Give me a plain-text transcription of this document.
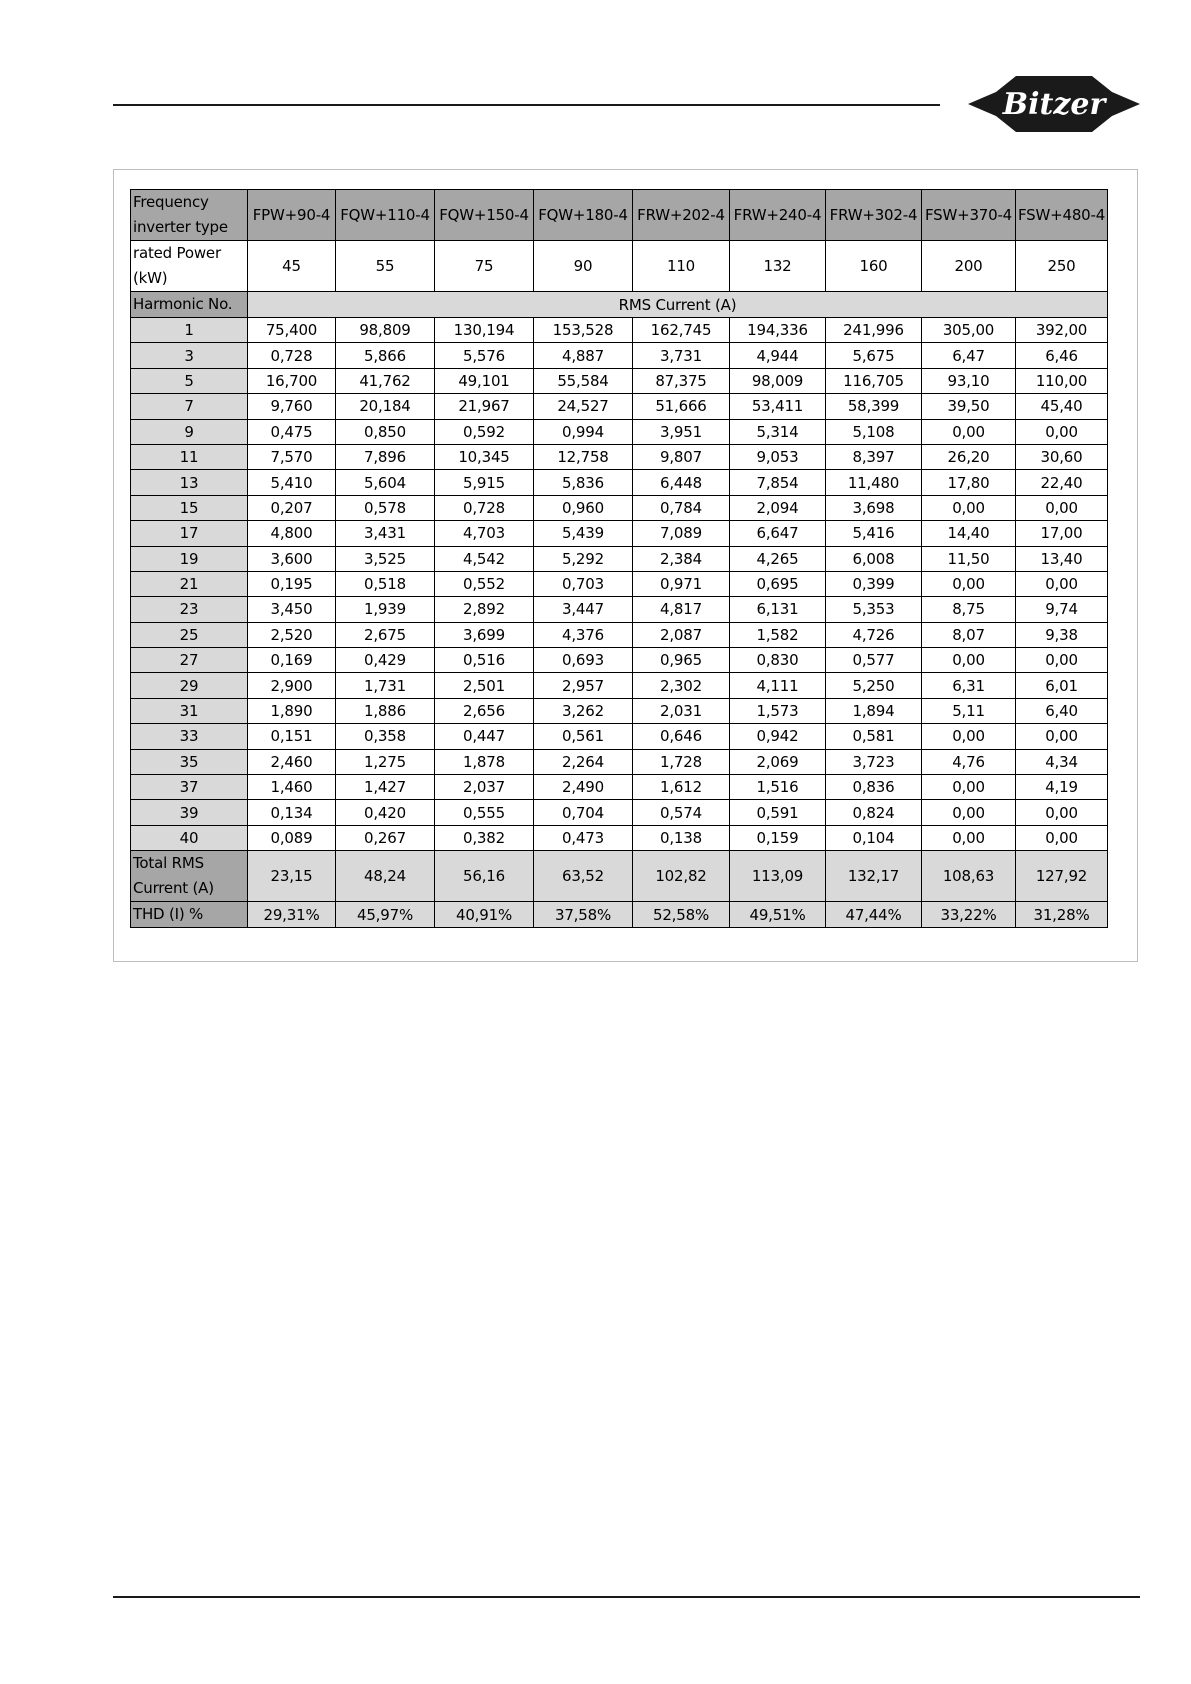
Bitzer
Frequency inverter type	FPW+90-4	FQW+110-4	FQW+150-4	FQW+180-4	FRW+202-4	FRW+240-4	FRW+302-4	FSW+370-4	FSW+480-4
rated Power (kW)	45	55	75	90	110	132	160	200	250
Harmonic No.	RMS Current (A)								
1	75,400	98,809	130,194	153,528	162,745	194,336	241,996	305,00	392,00
3	0,728	5,866	5,576	4,887	3,731	4,944	5,675	6,47	6,46
5	16,700	41,762	49,101	55,584	87,375	98,009	116,705	93,10	110,00
7	9,760	20,184	21,967	24,527	51,666	53,411	58,399	39,50	45,40
9	0,475	0,850	0,592	0,994	3,951	5,314	5,108	0,00	0,00
11	7,570	7,896	10,345	12,758	9,807	9,053	8,397	26,20	30,60
13	5,410	5,604	5,915	5,836	6,448	7,854	11,480	17,80	22,40
15	0,207	0,578	0,728	0,960	0,784	2,094	3,698	0,00	0,00
17	4,800	3,431	4,703	5,439	7,089	6,647	5,416	14,40	17,00
19	3,600	3,525	4,542	5,292	2,384	4,265	6,008	11,50	13,40
21	0,195	0,518	0,552	0,703	0,971	0,695	0,399	0,00	0,00
23	3,450	1,939	2,892	3,447	4,817	6,131	5,353	8,75	9,74
25	2,520	2,675	3,699	4,376	2,087	1,582	4,726	8,07	9,38
27	0,169	0,429	0,516	0,693	0,965	0,830	0,577	0,00	0,00
29	2,900	1,731	2,501	2,957	2,302	4,111	5,250	6,31	6,01
31	1,890	1,886	2,656	3,262	2,031	1,573	1,894	5,11	6,40
33	0,151	0,358	0,447	0,561	0,646	0,942	0,581	0,00	0,00
35	2,460	1,275	1,878	2,264	1,728	2,069	3,723	4,76	4,34
37	1,460	1,427	2,037	2,490	1,612	1,516	0,836	0,00	4,19
39	0,134	0,420	0,555	0,704	0,574	0,591	0,824	0,00	0,00
40	0,089	0,267	0,382	0,473	0,138	0,159	0,104	0,00	0,00
Total RMS Current (A)	23,15	48,24	56,16	63,52	102,82	113,09	132,17	108,63	127,92
THD (I) %	29,31%	45,97%	40,91%	37,58%	52,58%	49,51%	47,44%	33,22%	31,28%
